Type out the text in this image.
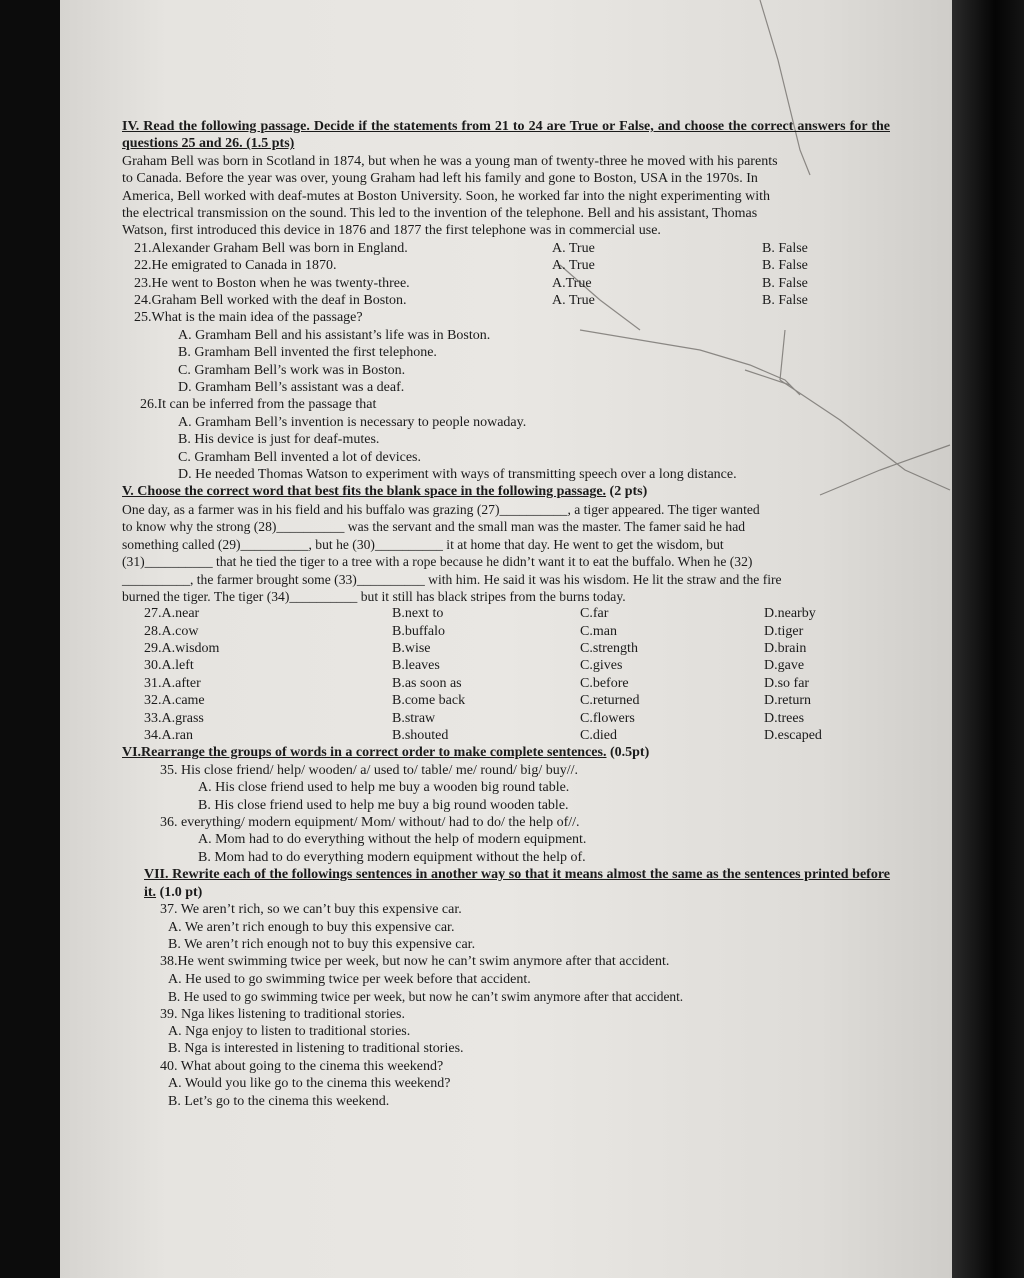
IV. Read the following passage. Decide if the statements from 21 to 24 are True or False, and choose the correct answers for the questions 25 and 26. (1.5 pts)
Graham Bell was born in Scotland in 1874, but when he was a young man of twenty-three he moved with his parents
to Canada. Before the year was over, young Graham had left his family and gone to Boston, USA in the 1970s. In
America, Bell worked with deaf-mutes at Boston University. Soon, he worked far into the night experimenting with
the electrical transmission on the sound. This led to the invention of the telephone. Bell and his assistant, Thomas
Watson, first introduced this device in 1876 and 1877 the first telephone was in commercial use.
21.Alexander Graham Bell was born in England.	A. True	B. False
22.He emigrated to Canada in 1870.	A. True	B. False
23.He went to Boston when he was twenty-three.	A.True	B. False
24.Graham Bell worked with the deaf in Boston.	A. True	B. False
25.What is the main idea of the passage?
A. Gramham Bell and his assistant’s life was in Boston.
B. Gramham Bell invented the first telephone.
C. Gramham Bell’s work was in Boston.
D. Gramham Bell’s assistant was a deaf.
26.It can be inferred from the passage that
A. Gramham Bell’s invention is necessary to people nowaday.
B. His device is just for deaf-mutes.
C. Gramham Bell invented a lot of devices.
D. He needed Thomas Watson to experiment with ways of transmitting speech over a long distance.
V. Choose the correct word that best fits the blank space in the following passage. (2 pts)
One day, as a farmer was in his field and his buffalo was grazing (27)__________, a tiger appeared. The tiger wanted
to know why the strong (28)__________ was the servant and the small man was the master. The famer said he had
something called (29)__________, but he (30)__________ it at home that day. He went to get the wisdom, but
(31)__________ that he tied the tiger to a tree with a rope because he didn’t want it to eat the buffalo. When he (32)
__________, the farmer brought some (33)__________ with him. He said it was his wisdom. He lit the straw and the fire
burned the tiger. The tiger (34)__________ but it still has black stripes from the burns today.
27.A.near	B.next to	C.far	D.nearby
28.A.cow	B.buffalo	C.man	D.tiger
29.A.wisdom	B.wise	C.strength	D.brain
30.A.left	B.leaves	C.gives	D.gave
31.A.after	B.as soon as	C.before	D.so far
32.A.came	B.come back	C.returned	D.return
33.A.grass	B.straw	C.flowers	D.trees
34.A.ran	B.shouted	C.died	D.escaped
VI.Rearrange the groups of words in a correct order to make complete sentences. (0.5pt)
35. His close friend/ help/ wooden/ a/ used to/ table/ me/ round/ big/ buy//.
A. His close friend used to help me buy a wooden big round table.
B. His close friend used to help me buy a big round wooden table.
36. everything/ modern equipment/ Mom/ without/ had to do/ the help of//.
A. Mom had to do everything without the help of modern equipment.
B. Mom had to do everything modern equipment without the help of.
VII. Rewrite each of the followings sentences in another way so that it means almost the same as the sentences printed before it. (1.0 pt)
37. We aren’t rich, so we can’t buy this expensive car.
A. We aren’t rich enough to buy this expensive car.
B. We aren’t rich enough not to buy this expensive car.
38.He went swimming twice per week, but now he can’t swim anymore after that accident.
A. He used to go swimming twice per week before that accident.
B. He used to go swimming twice per week, but now he can’t swim anymore after that accident.
39. Nga likes listening to traditional stories.
A. Nga enjoy to listen to traditional stories.
B. Nga is interested in listening to traditional stories.
40. What about going to the cinema this weekend?
A. Would you like go to the cinema this weekend?
B. Let’s go to the cinema this weekend.
